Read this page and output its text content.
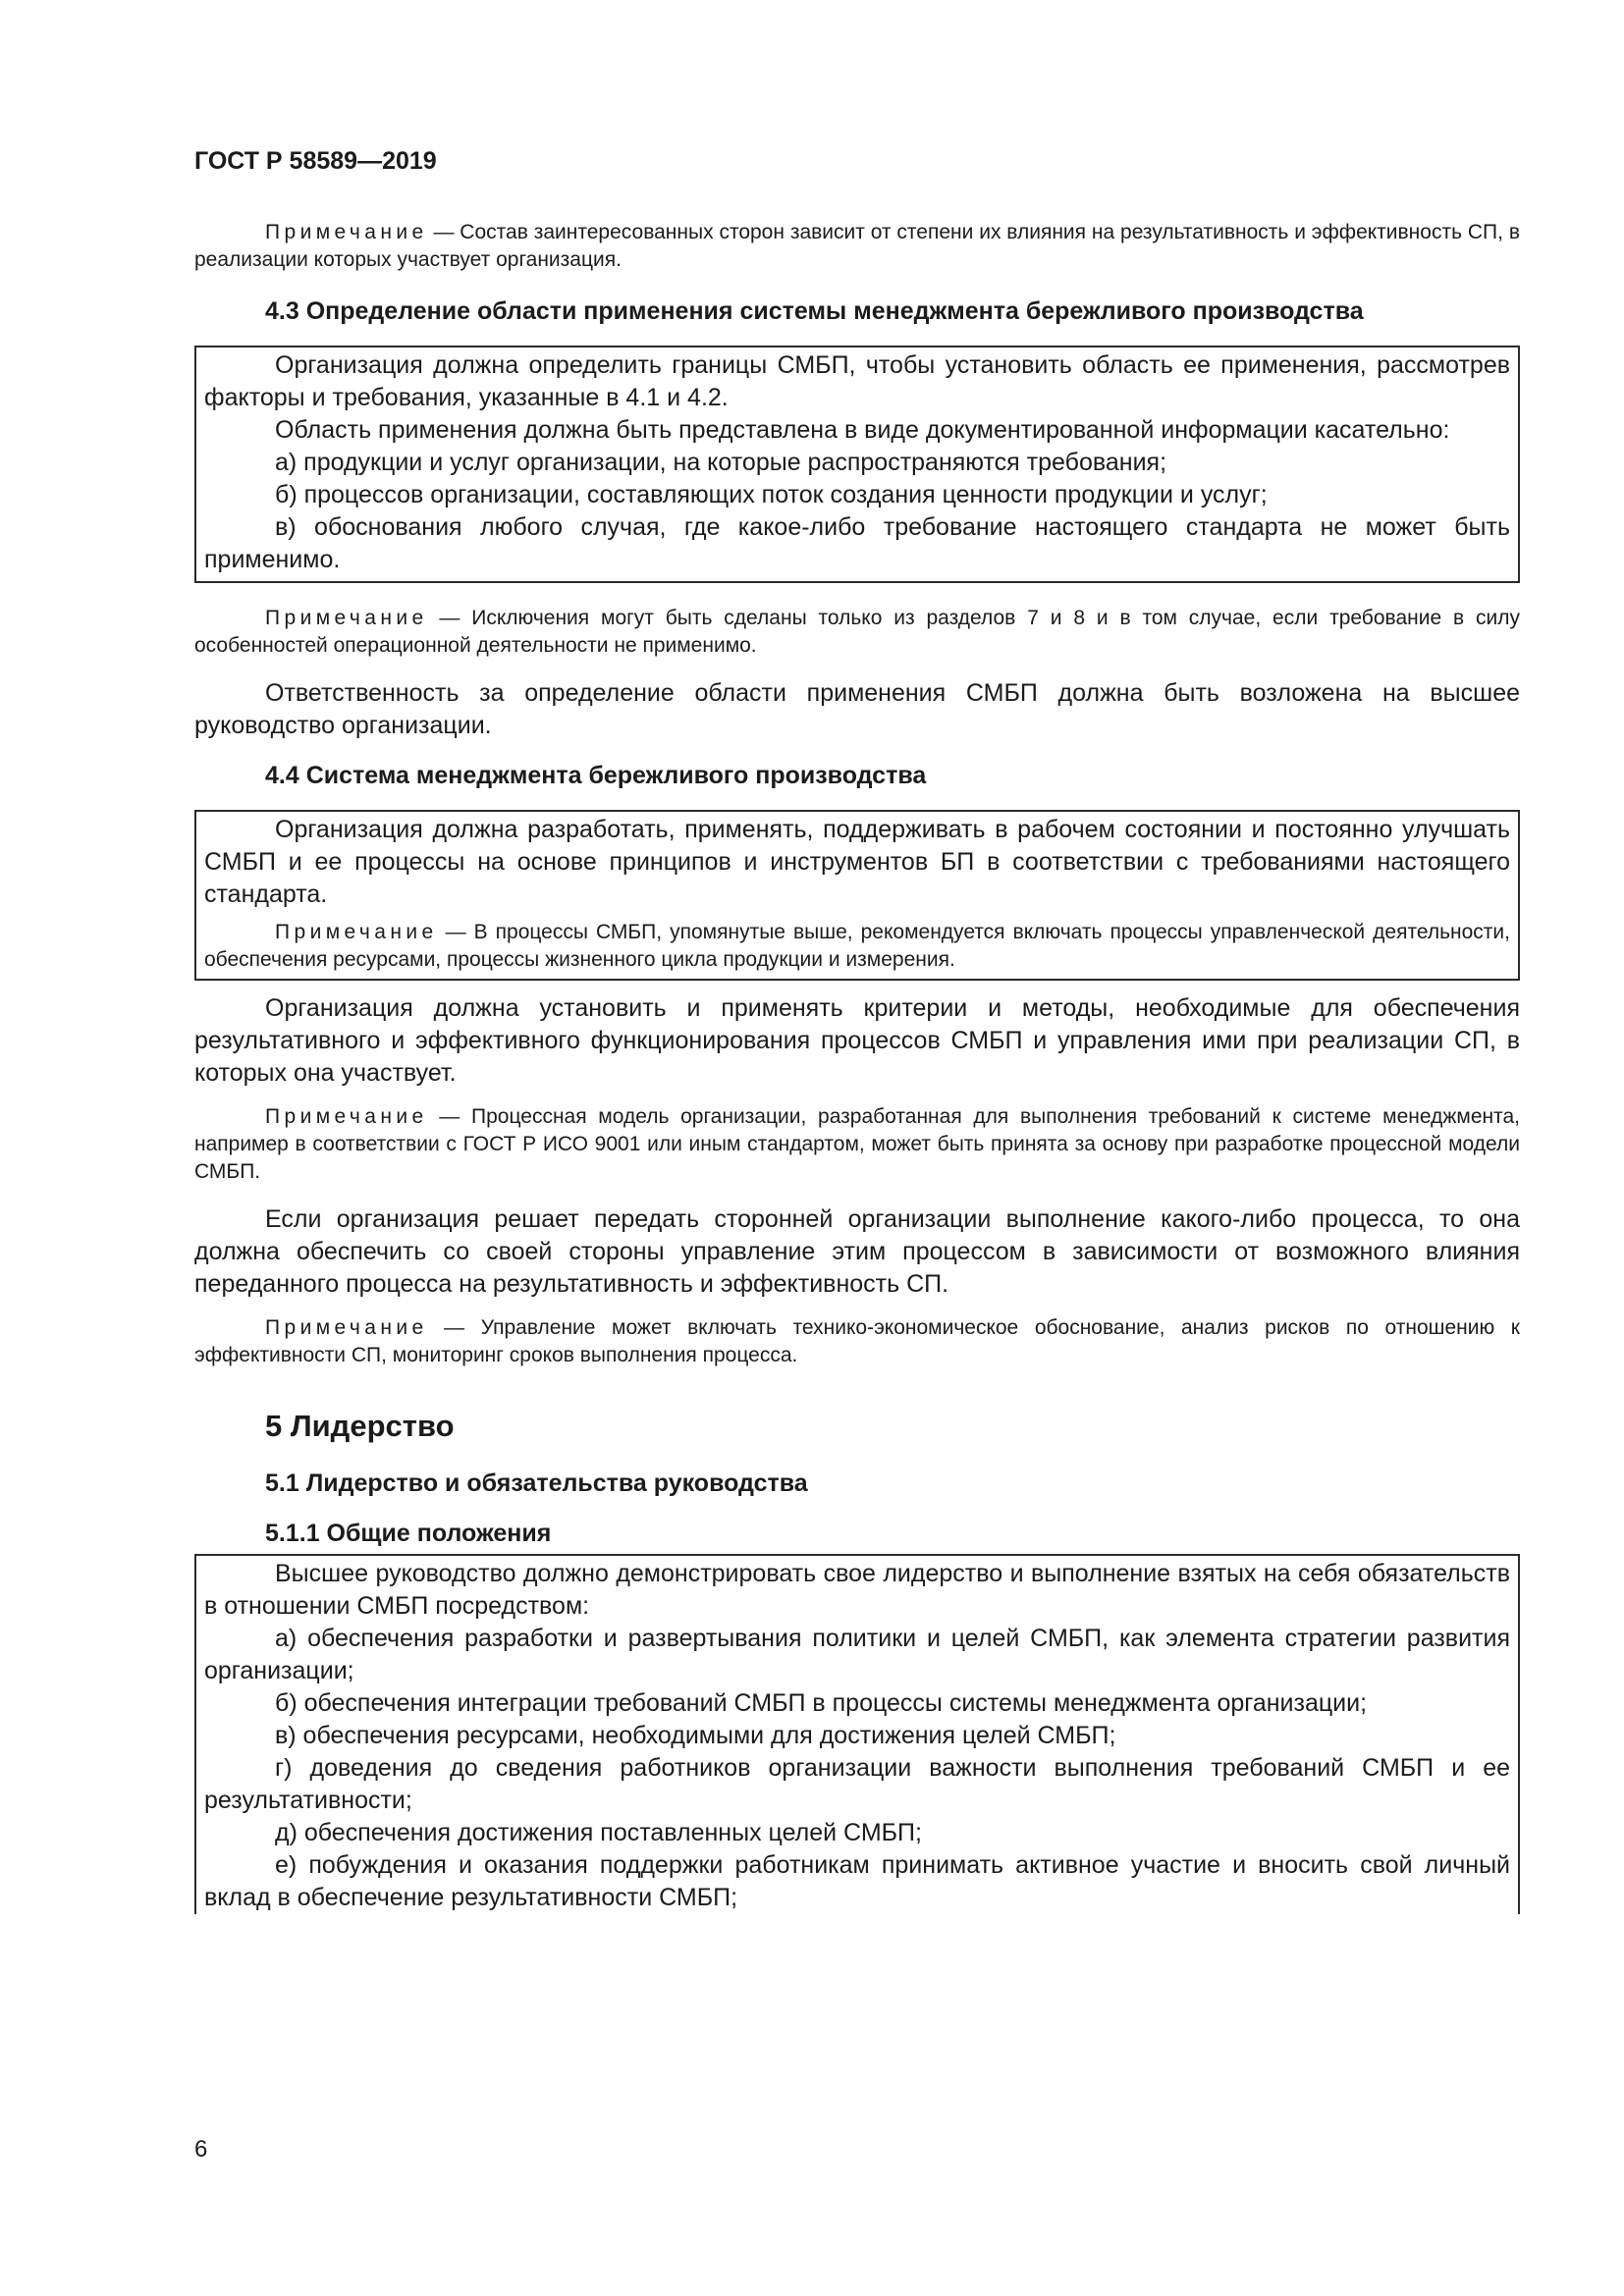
ГОСТ Р 58589—2019

Примечание — Состав заинтересованных сторон зависит от степени их влияния на результативность и эффективность СП, в реализации которых участвует организация.

4.3 Определение области применения системы менеджмента бережливого производства

Организация должна определить границы СМБП, чтобы установить область ее применения, рассмотрев факторы и требования, указанные в 4.1 и 4.2.

Область применения должна быть представлена в виде документированной информации касательно:

а) продукции и услуг организации, на которые распространяются требования;

б) процессов организации, составляющих поток создания ценности продукции и услуг;

в) обоснования любого случая, где какое-либо требование настоящего стандарта не может быть применимо.

Примечание — Исключения могут быть сделаны только из разделов 7 и 8 и в том случае, если требование в силу особенностей операционной деятельности не применимо.

Ответственность за определение области применения СМБП должна быть возложена на высшее руководство организации.

4.4 Система менеджмента бережливого производства

Организация должна разработать, применять, поддерживать в рабочем состоянии и постоянно улучшать СМБП и ее процессы на основе принципов и инструментов БП в соответствии с требованиями настоящего стандарта.

Примечание — В процессы СМБП, упомянутые выше, рекомендуется включать процессы управленческой деятельности, обеспечения ресурсами, процессы жизненного цикла продукции и измерения.

Организация должна установить и применять критерии и методы, необходимые для обеспечения результативного и эффективного функционирования процессов СМБП и управления ими при реализации СП, в которых она участвует.

Примечание — Процессная модель организации, разработанная для выполнения требований к системе менеджмента, например в соответствии с ГОСТ Р ИСО 9001 или иным стандартом, может быть принята за основу при разработке процессной модели СМБП.

Если организация решает передать сторонней организации выполнение какого-либо процесса, то она должна обеспечить со своей стороны управление этим процессом в зависимости от возможного влияния переданного процесса на результативность и эффективность СП.

Примечание — Управление может включать технико-экономическое обоснование, анализ рисков по отношению к эффективности СП, мониторинг сроков выполнения процесса.

5 Лидерство
5.1 Лидерство и обязательства руководства
5.1.1 Общие положения

Высшее руководство должно демонстрировать свое лидерство и выполнение взятых на себя обязательств в отношении СМБП посредством:

а) обеспечения разработки и развертывания политики и целей СМБП, как элемента стратегии развития организации;

б) обеспечения интеграции требований СМБП в процессы системы менеджмента организации;

в) обеспечения ресурсами, необходимыми для достижения целей СМБП;

г) доведения до сведения работников организации важности выполнения требований СМБП и ее результативности;

д) обеспечения достижения поставленных целей СМБП;

е) побуждения и оказания поддержки работникам принимать активное участие и вносить свой личный вклад в обеспечение результативности СМБП;

6
